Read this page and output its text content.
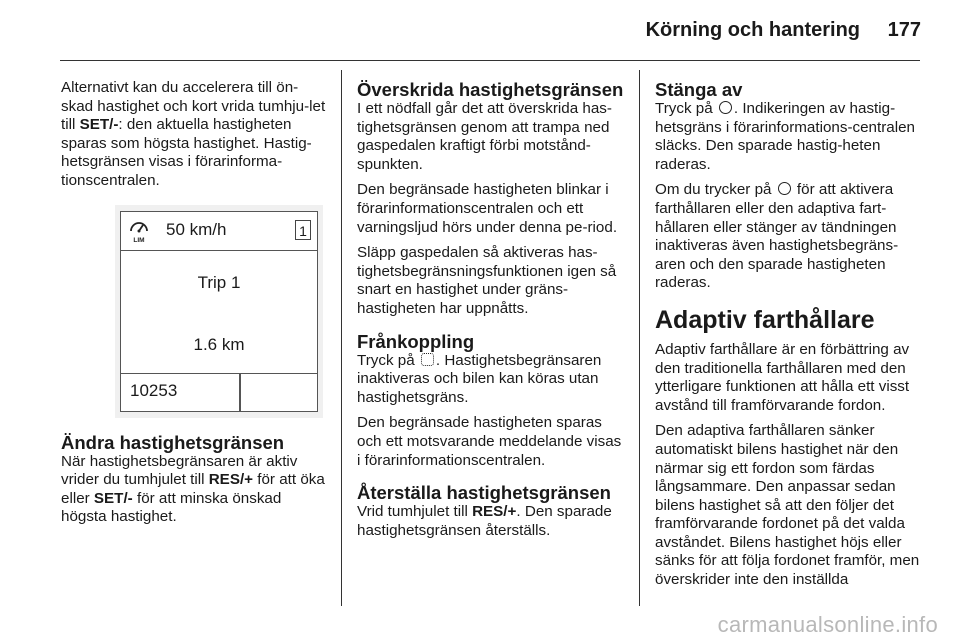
Körning och hantering 177

Alternativt kan du accelerera till ön-skad hastighet och kort vrida tumhju-let till SET/-: den aktuella hastigheten sparas som högsta hastighet. Hastig-hetsgränsen visas i förarinforma-tionscentralen.

LIM
50 km/h	1
Trip 1
1.6 km
10253
Ändra hastighetsgränsen

När hastighetsbegränsaren är aktiv vrider du tumhjulet till RES/+ för att öka eller SET/- för att minska önskad högsta hastighet.

Överskrida hastighetsgränsen

I ett nödfall går det att överskrida has-tighetsgränsen genom att trampa ned gaspedalen kraftigt förbi motstånd-spunkten.

Den begränsade hastigheten blinkar i förarinformationscentralen och ett varningsljud hörs under denna pe-riod.

Släpp gaspedalen så aktiveras has-tighetsbegränsningsfunktionen igen så snart en hastighet under gräns-hastigheten har uppnåtts.

Frånkoppling

Tryck på . Hastighetsbegränsaren inaktiveras och bilen kan köras utan hastighetsgräns.

Den begränsade hastigheten sparas och ett motsvarande meddelande visas i förarinformationscentralen.

Återställa hastighetsgränsen

Vrid tumhjulet till RES/+. Den sparade hastighetsgränsen återställs.

Stänga av

Tryck på . Indikeringen av hastig-hetsgräns i förarinformations-centralen släcks. Den sparade hastig-heten raderas.

Om du trycker på  för att aktivera farthållaren eller den adaptiva fart-hållaren eller stänger av tändningen inaktiveras även hastighetsbegräns-aren och den sparade hastigheten raderas.

Adaptiv farthållare

Adaptiv farthållare är en förbättring av den traditionella farthållaren med den ytterligare funktionen att hålla ett visst avstånd till framförvarande fordon.

Den adaptiva farthållaren sänker automatiskt bilens hastighet när den närmar sig ett fordon som färdas långsammare. Den anpassar sedan bilens hastighet så att den följer det framförvarande fordonet på det valda avståndet. Bilens hastighet höjs eller sänks för att följa fordonet framför, men överskrider inte den inställda

carmanualsonline.info
